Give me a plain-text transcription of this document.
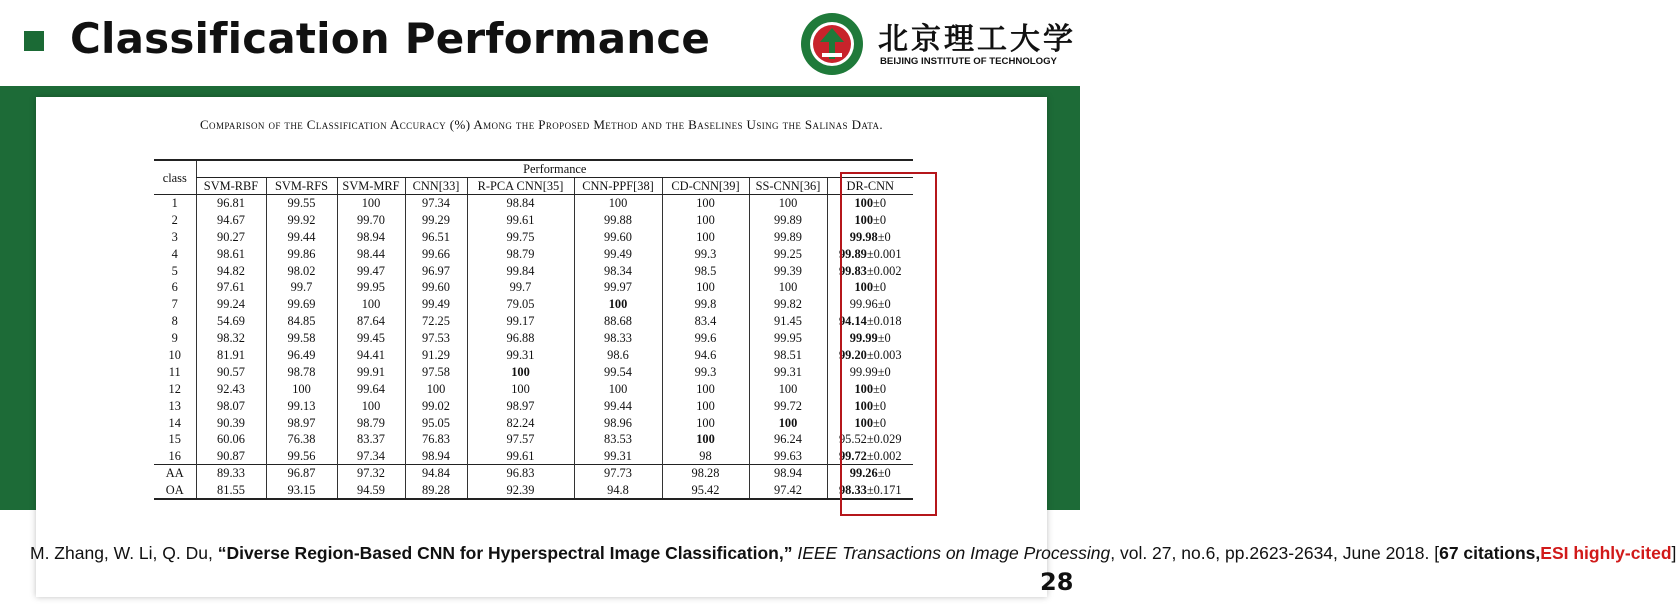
Classification Performance	北京理工大学
BEIJING INSTITUTE OF TECHNOLOGY
Comparison of the Classification Accuracy (%) Among the Proposed Method and the Baselines Using the Salinas Data.
class	Performance								
	SVM-RBF	SVM-RFS	SVM-MRF	CNN[33]	R-PCA CNN[35]	CNN-PPF[38]	CD-CNN[39]	SS-CNN[36]	DR-CNN
1	96.81	99.55	100	97.34	98.84	100	100	100	100±0
2	94.67	99.92	99.70	99.29	99.61	99.88	100	99.89	100±0
3	90.27	99.44	98.94	96.51	99.75	99.60	100	99.89	99.98±0
4	98.61	99.86	98.44	99.66	98.79	99.49	99.3	99.25	99.89±0.001
5	94.82	98.02	99.47	96.97	99.84	98.34	98.5	99.39	99.83±0.002
6	97.61	99.7	99.95	99.60	99.7	99.97	100	100	100±0
7	99.24	99.69	100	99.49	79.05	100	99.8	99.82	99.96±0
8	54.69	84.85	87.64	72.25	99.17	88.68	83.4	91.45	94.14±0.018
9	98.32	99.58	99.45	97.53	96.88	98.33	99.6	99.95	99.99±0
10	81.91	96.49	94.41	91.29	99.31	98.6	94.6	98.51	99.20±0.003
11	90.57	98.78	99.91	97.58	100	99.54	99.3	99.31	99.99±0
12	92.43	100	99.64	100	100	100	100	100	100±0
13	98.07	99.13	100	99.02	98.97	99.44	100	99.72	100±0
14	90.39	98.97	98.79	95.05	82.24	98.96	100	100	100±0
15	60.06	76.38	83.37	76.83	97.57	83.53	100	96.24	95.52±0.029
16	90.87	99.56	97.34	98.94	99.61	99.31	98	99.63	99.72±0.002
AA	89.33	96.87	97.32	94.84	96.83	97.73	98.28	98.94	99.26±0
OA	81.55	93.15	94.59	89.28	92.39	94.8	95.42	97.42	98.33±0.171
M. Zhang, W. Li, Q. Du, “Diverse Region-Based CNN for Hyperspectral Image Classification,” IEEE Transactions on Image Processing, vol. 27, no.6, pp.2623-2634, June 2018. [67 citations,ESI highly-cited]
28
